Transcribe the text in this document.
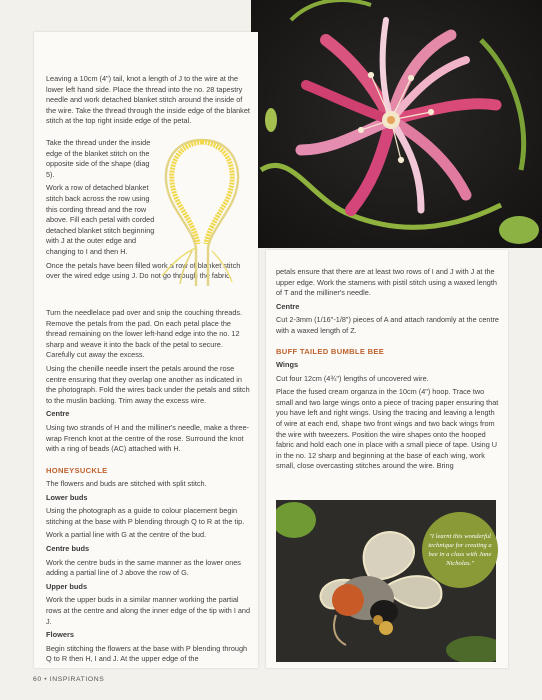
Leaving a 10cm (4") tail, knot a length of J to the wire at the lower left hand side. Place the thread into the no. 28 tapestry needle and work detached blanket stitch around the inside of the wire. Take the thread through the inside edge of the blanket stitch at the top right inside edge of the petal.

Take the thread under the inside edge of the blanket stitch on the opposite side of the shape (diag 5).

Work a row of detached blanket stitch back across the row using this cording thread and the row above. Fill each petal with corded detached blanket stitch beginning with J at the outer edge and changing to I and then H.

Once the petals have been filled work a row of blanket stitch over the wired edge using J. Do not go through the fabric.

Turn the needlelace pad over and snip the couching threads. Remove the petals from the pad. On each petal place the thread remaining on the lower left-hand edge into the no. 12 sharp and weave it into the back of the petal to secure. Carefully cut away the excess.

Using the chenille needle insert the petals around the rose centre ensuring that they overlap one another as indicated in the photograph. Fold the wires back under the petals and stitch to the muslin backing. Trim away the excess wire.

Centre

Using two strands of H and the milliner's needle, make a three-wrap French knot at the centre of the rose. Surround the knot with a ring of beads (AC) attached with H.

HONEYSUCKLE

The flowers and buds are stitched with split stitch.

Lower buds

Using the photograph as a guide to colour placement begin stitching at the base with P blending through Q to R at the tip.

Work a partial line with G at the centre of the bud.

Centre buds

Work the centre buds in the same manner as the lower ones adding a partial line of J above the row of G.

Upper buds

Work the upper buds in a similar manner working the partial rows at the centre and along the inner edge of the tip with I and J.

Flowers

Begin stitching the flowers at the base with P blending through Q to R then H, I and J. At the upper edge of the

petals ensure that there are at least two rows of I and J with J at the upper edge. Work the stamens with pistil stitch using a waxed length of T and the milliner's needle.

Centre

Cut 2-3mm (1/16"-1/8") pieces of A and attach randomly at the centre with a waxed length of Z.

BUFF TAILED BUMBLE BEE

Wings

Cut four 12cm (4¾") lengths of uncovered wire.

Place the fused cream organza in the 10cm (4") hoop. Trace two small and two large wings onto a piece of tracing paper ensuring that you have left and right wings. Using the tracing and leaving a length of wire at each end, shape two front wings and two back wings from the wire with tweezers. Position the wire shapes onto the hooped fabric and hold each one in place with a small piece of tape. Using U in the no. 12 sharp and beginning at the base of each wing, work small, close overcasting stitches around the wire. Bring

"I learnt this wonderful technique for creating a bee in a class with Jane Nicholas."
60 • INSPIRATIONS
